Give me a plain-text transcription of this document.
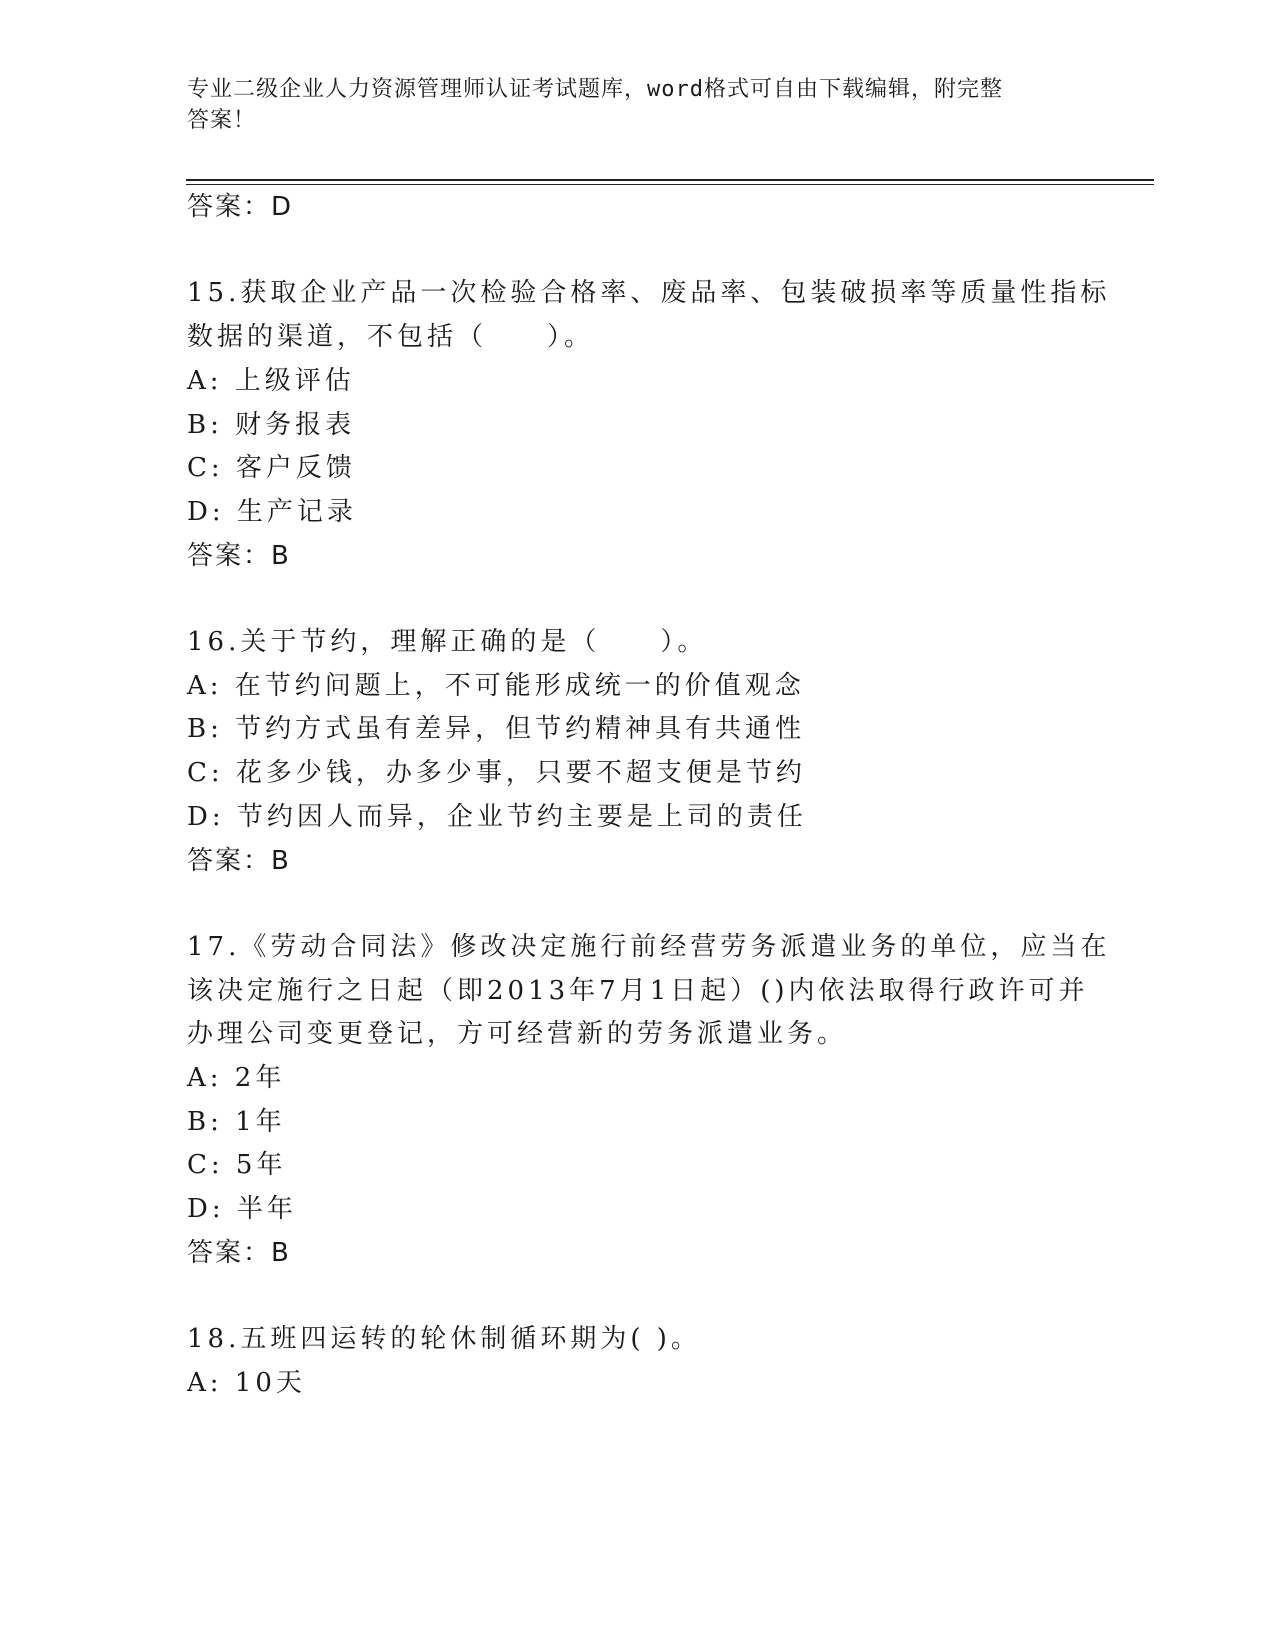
专业二级企业人力资源管理师认证考试题库，word格式可自由下载编辑，附完整
答案！
答案：D
15.获取企业产品一次检验合格率、废品率、包装破损率等质量性指标
数据的渠道，不包括（　　）。
A: 上级评估
B: 财务报表
C: 客户反馈
D: 生产记录
答案：B
16.关于节约，理解正确的是（　　）。
A: 在节约问题上，不可能形成统一的价值观念
B: 节约方式虽有差异，但节约精神具有共通性
C: 花多少钱，办多少事，只要不超支便是节约
D: 节约因人而异，企业节约主要是上司的责任
答案：B
17.《劳动合同法》修改决定施行前经营劳务派遣业务的单位，应当在
该决定施行之日起（即2013年7月1日起）()内依法取得行政许可并
办理公司变更登记，方可经营新的劳务派遣业务。
A: 2年
B: 1年
C: 5年
D: 半年
答案：B
18.五班四运转的轮休制循环期为( )。
A: 10天
